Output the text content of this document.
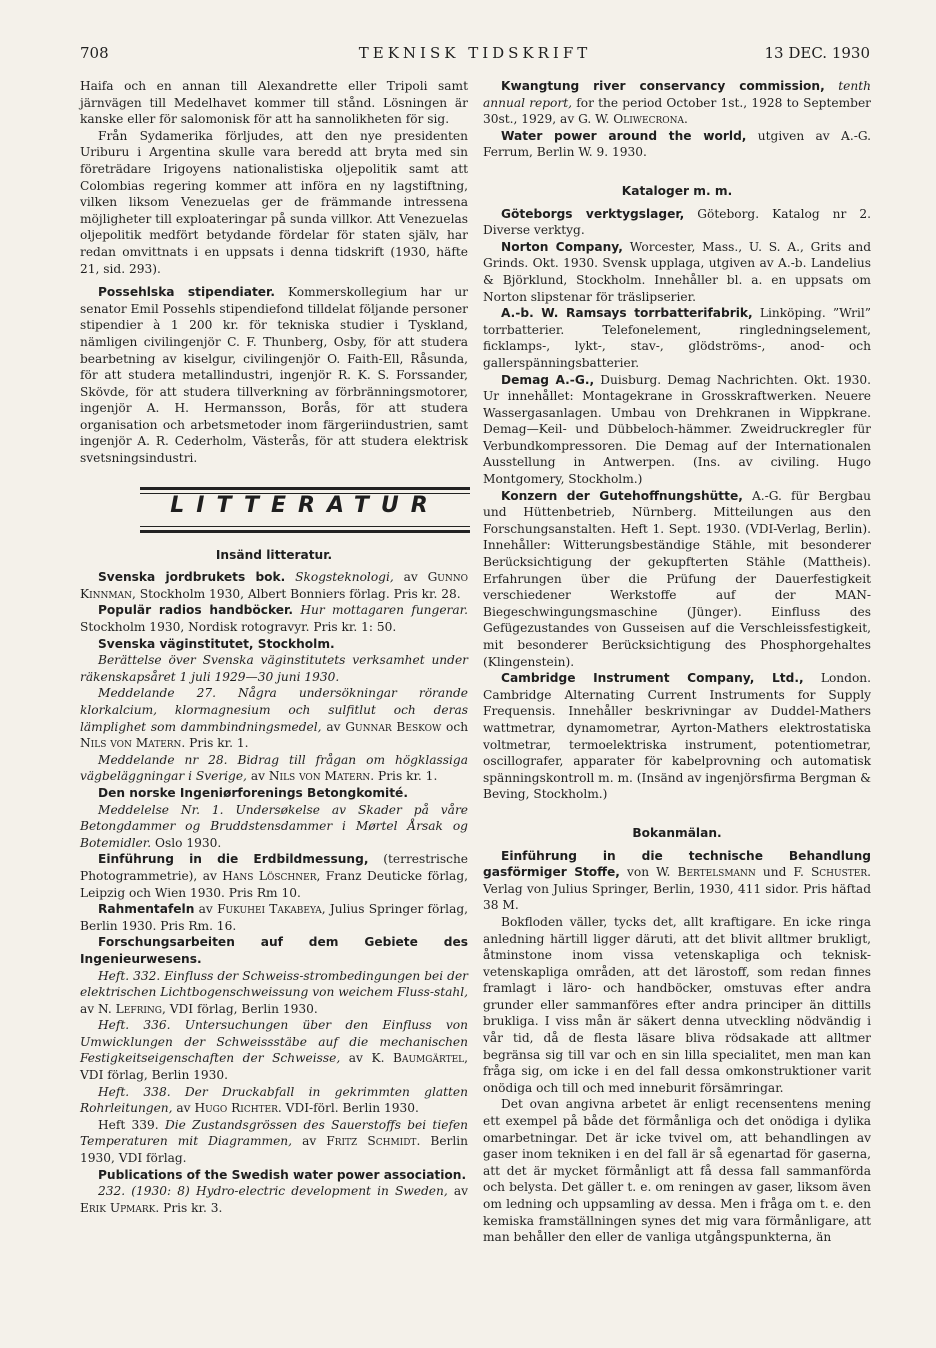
708	TEKNISK TIDSKRIFT	13 DEC. 1930

Haifa och en annan till Alexandrette eller Tripoli samt järnvägen till Medelhavet kommer till stånd. Lösningen är kanske eller för salomonisk för att ha sannolikheten för sig.

Från Sydamerika förljudes, att den nye presidenten Uriburu i Argentina skulle vara beredd att bryta med sin företrädare Irigoyens nationalistiska oljepolitik samt att Colombias regering kommer att införa en ny lagstiftning, vilken liksom Venezuelas ger de främmande intressena möjligheter till exploateringar på sunda villkor. Att Venezuelas oljepolitik medfört betydande fördelar för staten själv, har redan omvittnats i en uppsats i denna tidskrift (1930, häfte 21, sid. 293).

Possehlska stipendiater. Kommerskollegium har ur senator Emil Possehls stipendiefond tilldelat följande personer stipendier à 1 200 kr. för tekniska studier i Tyskland, nämligen civilingenjör C. F. Thunberg, Osby, för att studera bearbetning av kiselgur, civilingenjör O. Faith-Ell, Råsunda, för att studera metallindustri, ingenjör R. K. S. Forssander, Skövde, för att studera tillverkning av förbränningsmotorer, ingenjör A. H. Hermansson, Borås, för att studera organisation och arbetsmetoder inom färgeriindustrien, samt ingenjör A. R. Cederholm, Västerås, för att studera elektrisk svetsningsindustri.

LITTERATUR
Insänd litteratur.

Svenska jordbrukets bok. Skogsteknologi, av Gunno Kinnman, Stockholm 1930, Albert Bonniers förlag. Pris kr. 28.

Populär radios handböcker. Hur mottagaren fungerar. Stockholm 1930, Nordisk rotogravyr. Pris kr. 1: 50.

Svenska väginstitutet, Stockholm.

Berättelse över Svenska väginstitutets verksamhet under räkenskapsåret 1 juli 1929—30 juni 1930.

Meddelande 27. Några undersökningar rörande klorkalcium, klormagnesium och sulfitlut och deras lämplighet som dammbindningsmedel, av Gunnar Beskow och Nils von Matern. Pris kr. 1.

Meddelande nr 28. Bidrag till frågan om högklassiga vägbeläggningar i Sverige, av Nils von Matern. Pris kr. 1.

Den norske Ingeniørforenings Betongkomité.

Meddelelse Nr. 1. Undersøkelse av Skader på våre Betongdammer og Bruddstensdammer i Mørtel Årsak og Botemidler. Oslo 1930.

Einführung in die Erdbildmessung, (terrestrische Photogrammetrie), av Hans Löschner, Franz Deuticke förlag, Leipzig och Wien 1930. Pris Rm 10.

Rahmentafeln av Fukuhei Takabeya, Julius Springer förlag, Berlin 1930. Pris Rm. 16.

Forschungsarbeiten auf dem Gebiete des Ingenieurwesens.

Heft. 332. Einfluss der Schweiss-strombedingungen bei der elektrischen Lichtbogenschweissung von weichem Fluss-stahl, av N. Lefring, VDI förlag, Berlin 1930.

Heft. 336. Untersuchungen über den Einfluss von Umwicklungen der Schweissstäbe auf die mechanischen Festigkeitseigenschaften der Schweisse, av K. Baumgärtel, VDI förlag, Berlin 1930.

Heft. 338. Der Druckabfall in gekrimmten glatten Rohrleitungen, av Hugo Richter. VDI-förl. Berlin 1930.

Heft 339. Die Zustandsgrössen des Sauerstoffs bei tiefen Temperaturen mit Diagrammen, av Fritz Schmidt. Berlin 1930, VDI förlag.

Publications of the Swedish water power association.

232. (1930: 8) Hydro-electric development in Sweden, av Erik Upmark. Pris kr. 3.

Kwangtung river conservancy commission, tenth annual report, for the period October 1st., 1928 to September 30st., 1929, av G. W. Oliwecrona.

Water power around the world, utgiven av A.-G. Ferrum, Berlin W. 9. 1930.

Kataloger m. m.

Göteborgs verktygslager, Göteborg. Katalog nr 2. Diverse verktyg.

Norton Company, Worcester, Mass., U. S. A., Grits and Grinds. Okt. 1930. Svensk upplaga, utgiven av A.-b. Landelius & Björklund, Stockholm. Innehåller bl. a. en uppsats om Norton slipstenar för träslipserier.

A.-b. W. Ramsays torrbatterifabrik, Linköping. ”Wril” torrbatterier. Telefonelement, ringledningselement, ficklamps-, lykt-, stav-, glödströms-, anod- och gallerspänningsbatterier.

Demag A.-G., Duisburg. Demag Nachrichten. Okt. 1930. Ur innehållet: Montagekrane in Grosskraftwerken. Neuere Wassergasanlagen. Umbau von Drehkranen in Wippkrane. Demag—Keil- und Dübbeloch-hämmer. Zweidruckregler für Verbundkompressoren. Die Demag auf der Internationalen Ausstellung in Antwerpen. (Ins. av civiling. Hugo Montgomery, Stockholm.)

Konzern der Gutehoffnungshütte, A.-G. für Bergbau und Hüttenbetrieb, Nürnberg. Mitteilungen aus den Forschungsanstalten. Heft 1. Sept. 1930. (VDI-Verlag, Berlin). Innehåller: Witterungsbeständige Stähle, mit besonderer Berücksichtigung der gekupfterten Stähle (Mattheis). Erfahrungen über die Prüfung der Dauerfestigkeit verschiedener Werkstoffe auf der MAN-Biegeschwingungsmaschine (Jünger). Einfluss des Gefügezustandes von Gusseisen auf die Verschleissfestigkeit, mit besonderer Berücksichtigung des Phosphorgehaltes (Klingenstein).

Cambridge Instrument Company, Ltd., London. Cambridge Alternating Current Instruments for Supply Frequensis. Innehåller beskrivningar av Duddel-Mathers wattmetrar, dynamometrar, Ayrton-Mathers elektrostatiska voltmetrar, termoelektriska instrument, potentiometrar, oscillografer, apparater för kabelprovning och automatisk spänningskontroll m. m. (Insänd av ingenjörsfirma Bergman & Beving, Stockholm.)

Bokanmälan.

Einführung in die technische Behandlung gasförmiger Stoffe, von W. Bertelsmann und F. Schuster. Verlag von Julius Springer, Berlin, 1930, 411 sidor. Pris häftad 38 M.

Bokfloden väller, tycks det, allt kraftigare. En icke ringa anledning härtill ligger däruti, att det blivit alltmer brukligt, åtminstone inom vissa vetenskapliga och teknisk-vetenskapliga områden, att det lärostoff, som redan finnes framlagt i läro- och handböcker, omstuvas efter andra grunder eller sammanföres efter andra principer än dittills brukliga. I viss mån är säkert denna utveckling nödvändig i vår tid, då de flesta läsare bliva rödsakade att alltmer begränsa sig till var och en sin lilla specialitet, men man kan fråga sig, om icke i en del fall dessa omkonstruktioner varit onödiga och till och med inneburit försämringar.

Det ovan angivna arbetet är enligt recensentens mening ett exempel på både det förmånliga och det onödiga i dylika omarbetningar. Det är icke tvivel om, att behandlingen av gaser inom tekniken i en del fall är så egenartad för gaserna, att det är mycket förmånligt att få dessa fall sammanförda och belysta. Det gäller t. e. om reningen av gaser, liksom även om ledning och uppsamling av dessa. Men i fråga om t. e. den kemiska framställningen synes det mig vara förmånligare, att man behåller den eller de vanliga utgångspunkterna, än
